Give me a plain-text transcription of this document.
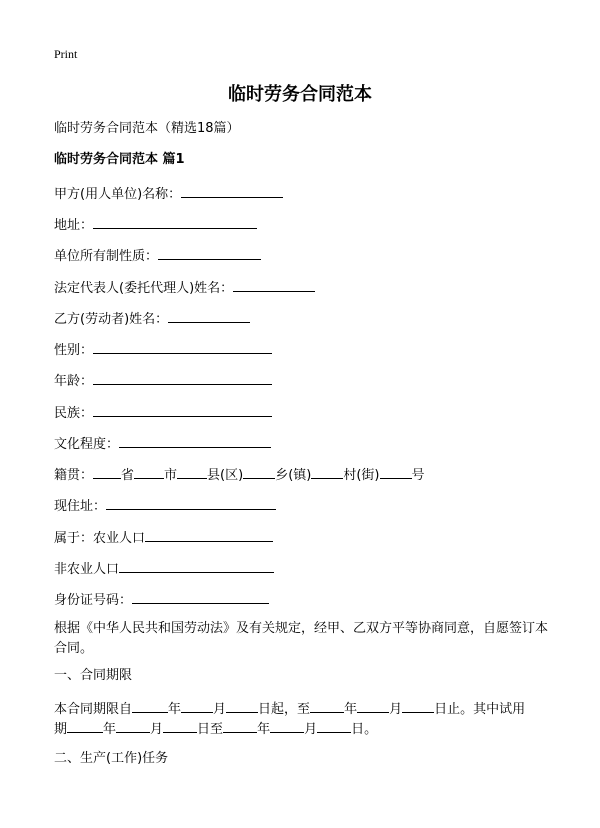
Print
临时劳务合同范本
临时劳务合同范本（精选18篇）
临时劳务合同范本 篇1
甲方(用人单位)名称：
地址：
单位所有制性质：
法定代表人(委托代理人)姓名：
乙方(劳动者)姓名：
性别：
年龄：
民族：
文化程度：
籍贯： 省 市 县(区) 乡(镇) 村(街) 号
现住址：
属于：农业人口
非农业人口
身份证号码：
根据《中华人民共和国劳动法》及有关规定，经甲、乙双方平等协商同意，自愿签订本合同。
一、合同期限
本合同期限自	年 月 日起，至	年 月 日止。其中试用
期	年	月	日至	年	月	日。
二、生产(工作)任务
